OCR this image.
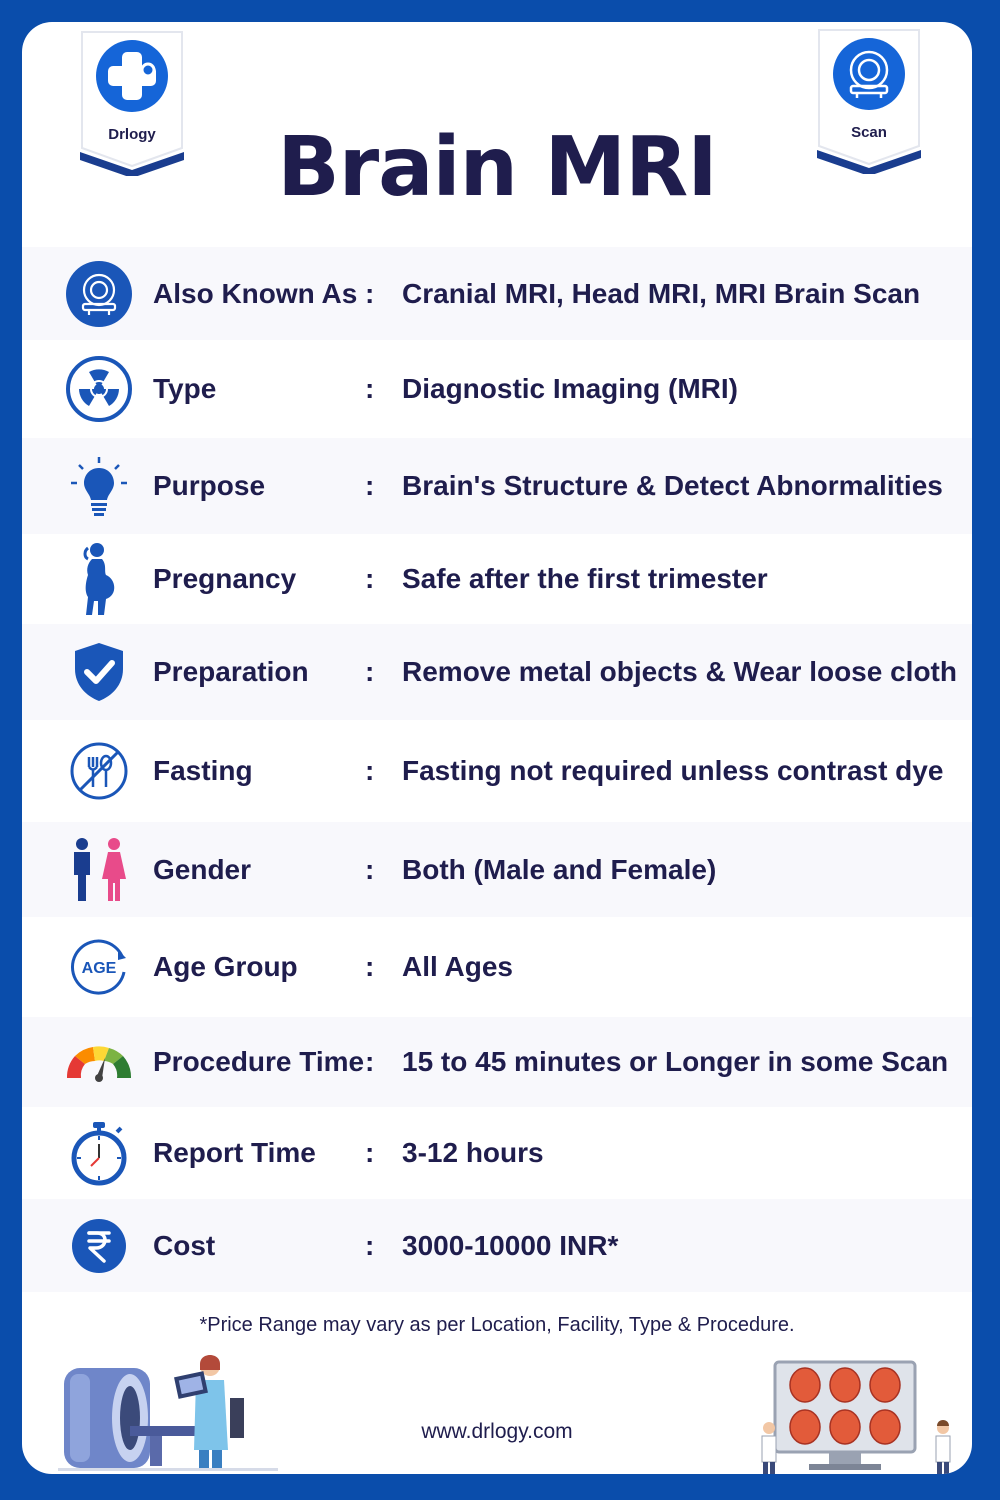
Drlogy	Scan
Brain MRI
Also Known As : Cranial MRI, Head MRI, MRI Brain Scan
Type	: Diagnostic Imaging (MRI)
Purpose	: Brain's Structure & Detect Abnormalities
Pregnancy : Safe after the first trimester
Preparation : Remove metal objects & Wear loose cloth
Fasting	: Fasting not required unless contrast dye
Gender	: Both (Male and Female)
AGE Age Group : All Ages
Procedure Time : 15 to 45 minutes or Longer in some Scan
Report Time : 3-12 hours
Cost	: 3000-10000 INR*
*Price Range may vary as per Location, Facility, Type & Procedure.
www.drlogy.com
